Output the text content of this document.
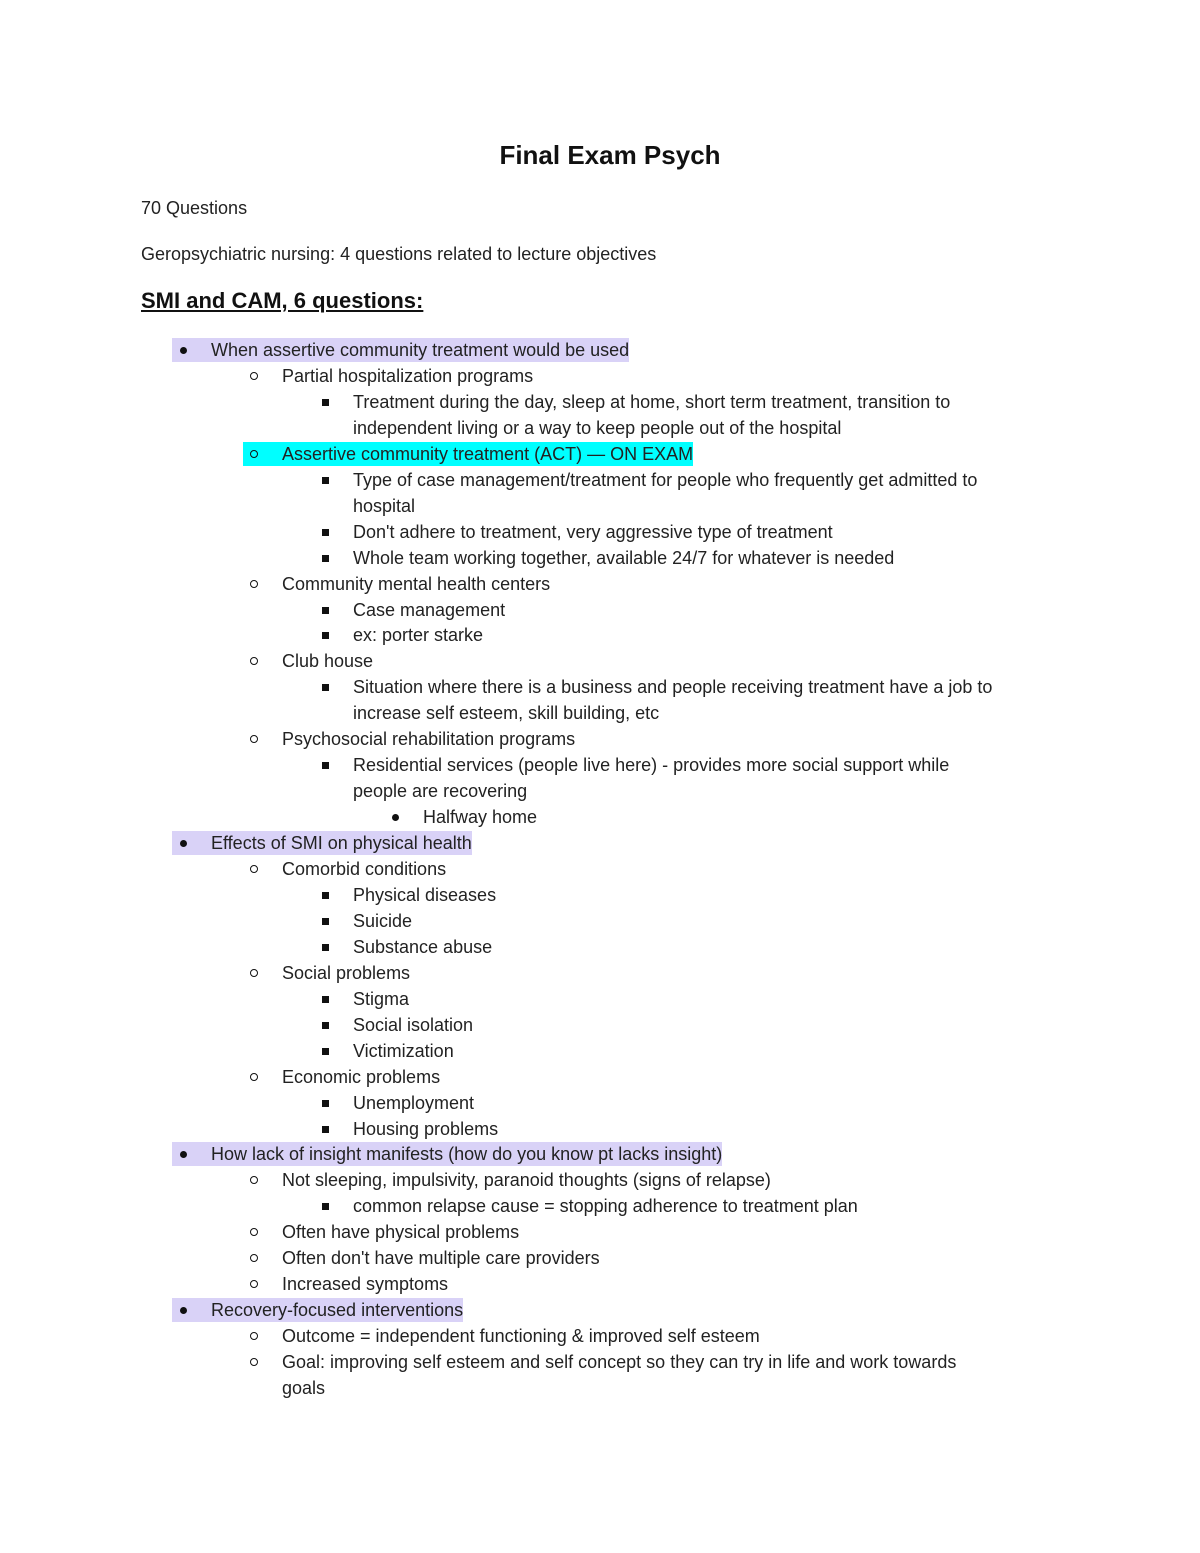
Final Exam Psych

70 Questions

Geropsychiatric nursing: 4 questions related to lecture objectives

SMI and CAM, 6 questions:
When assertive community treatment would be used
Partial hospitalization programs
Treatment during the day, sleep at home, short term treatment, transition to
independent living or a way to keep people out of the hospital
Assertive community treatment (ACT) — ON EXAM
Type of case management/treatment for people who frequently get admitted to
hospital
Don't adhere to treatment, very aggressive type of treatment
Whole team working together, available 24/7 for whatever is needed
Community mental health centers
Case management
ex: porter starke
Club house
Situation where there is a business and people receiving treatment have a job to
increase self esteem, skill building, etc
Psychosocial rehabilitation programs
Residential services (people live here) - provides more social support while
people are recovering
Halfway home
Effects of SMI on physical health
Comorbid conditions
Physical diseases
Suicide
Substance abuse
Social problems
Stigma
Social isolation
Victimization
Economic problems
Unemployment
Housing problems
How lack of insight manifests (how do you know pt lacks insight)
Not sleeping, impulsivity, paranoid thoughts (signs of relapse)
common relapse cause = stopping adherence to treatment plan
Often have physical problems
Often don't have multiple care providers
Increased symptoms
Recovery-focused interventions
Outcome = independent functioning & improved self esteem
Goal: improving self esteem and self concept so they can try in life and work towards
goals
